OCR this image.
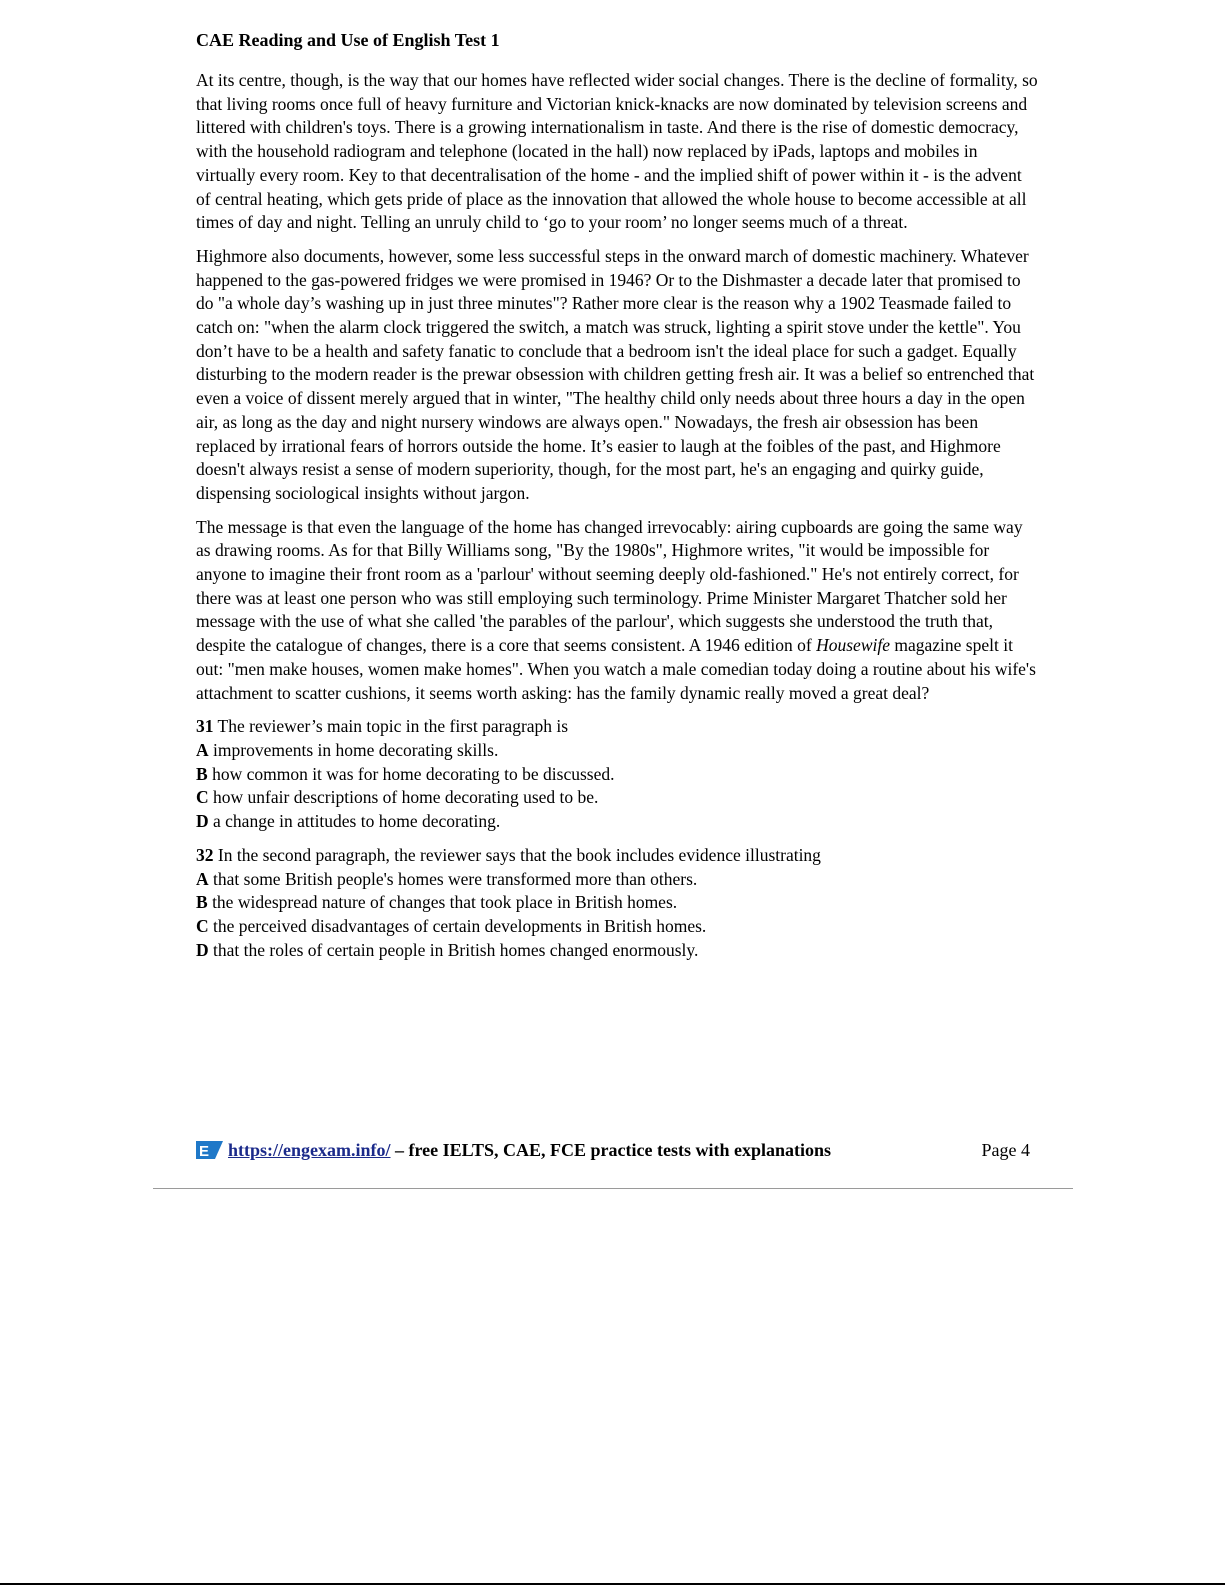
CAE Reading and Use of English Test 1

At its centre, though, is the way that our homes have reflected wider social changes. There is the decline of formality, so that living rooms once full of heavy furniture and Victorian knick-knacks are now dominated by television screens and littered with children's toys. There is a growing internationalism in taste. And there is the rise of domestic democracy, with the household radiogram and telephone (located in the hall) now replaced by iPads, laptops and mobiles in virtually every room. Key to that decentralisation of the home - and the implied shift of power within it - is the advent of central heating, which gets pride of place as the innovation that allowed the whole house to become accessible at all times of day and night. Telling an unruly child to ‘go to your room’ no longer seems much of a threat.

Highmore also documents, however, some less successful steps in the onward march of domestic machinery. Whatever happened to the gas-powered fridges we were promised in 1946? Or to the Dishmaster a decade later that promised to do "a whole day’s washing up in just three minutes"? Rather more clear is the reason why a 1902 Teasmade failed to catch on: "when the alarm clock triggered the switch, a match was struck, lighting a spirit stove under the kettle". You don’t have to be a health and safety fanatic to conclude that a bedroom isn't the ideal place for such a gadget. Equally disturbing to the modern reader is the prewar obsession with children getting fresh air. It was a belief so entrenched that even a voice of dissent merely argued that in winter, "The healthy child only needs about three hours a day in the open air, as long as the day and night nursery windows are always open." Nowadays, the fresh air obsession has been replaced by irrational fears of horrors outside the home. It’s easier to laugh at the foibles of the past, and Highmore doesn't always resist a sense of modern superiority, though, for the most part, he's an engaging and quirky guide, dispensing sociological insights without jargon.

The message is that even the language of the home has changed irrevocably: airing cupboards are going the same way as drawing rooms. As for that Billy Williams song, "By the 1980s", Highmore writes, "it would be impossible for anyone to imagine their front room as a 'parlour' without seeming deeply old-fashioned." He's not entirely correct, for there was at least one person who was still employing such terminology. Prime Minister Margaret Thatcher sold her message with the use of what she called 'the parables of the parlour', which suggests she understood the truth that, despite the catalogue of changes, there is a core that seems consistent. A 1946 edition of Housewife magazine spelt it out: "men make houses, women make homes". When you watch a male comedian today doing a routine about his wife's attachment to scatter cushions, it seems worth asking: has the family dynamic really moved a great deal?

31 The reviewer’s main topic in the first paragraph is
A improvements in home decorating skills.
B how common it was for home decorating to be discussed.
C how unfair descriptions of home decorating used to be.
D a change in attitudes to home decorating.
32 In the second paragraph, the reviewer says that the book includes evidence illustrating
A that some British people's homes were transformed more than others.
B the widespread nature of changes that took place in British homes.
C the perceived disadvantages of certain developments in British homes.
D that the roles of certain people in British homes changed enormously.
E https://engexam.info/ – free IELTS, CAE, FCE practice tests with explanations	Page 4
